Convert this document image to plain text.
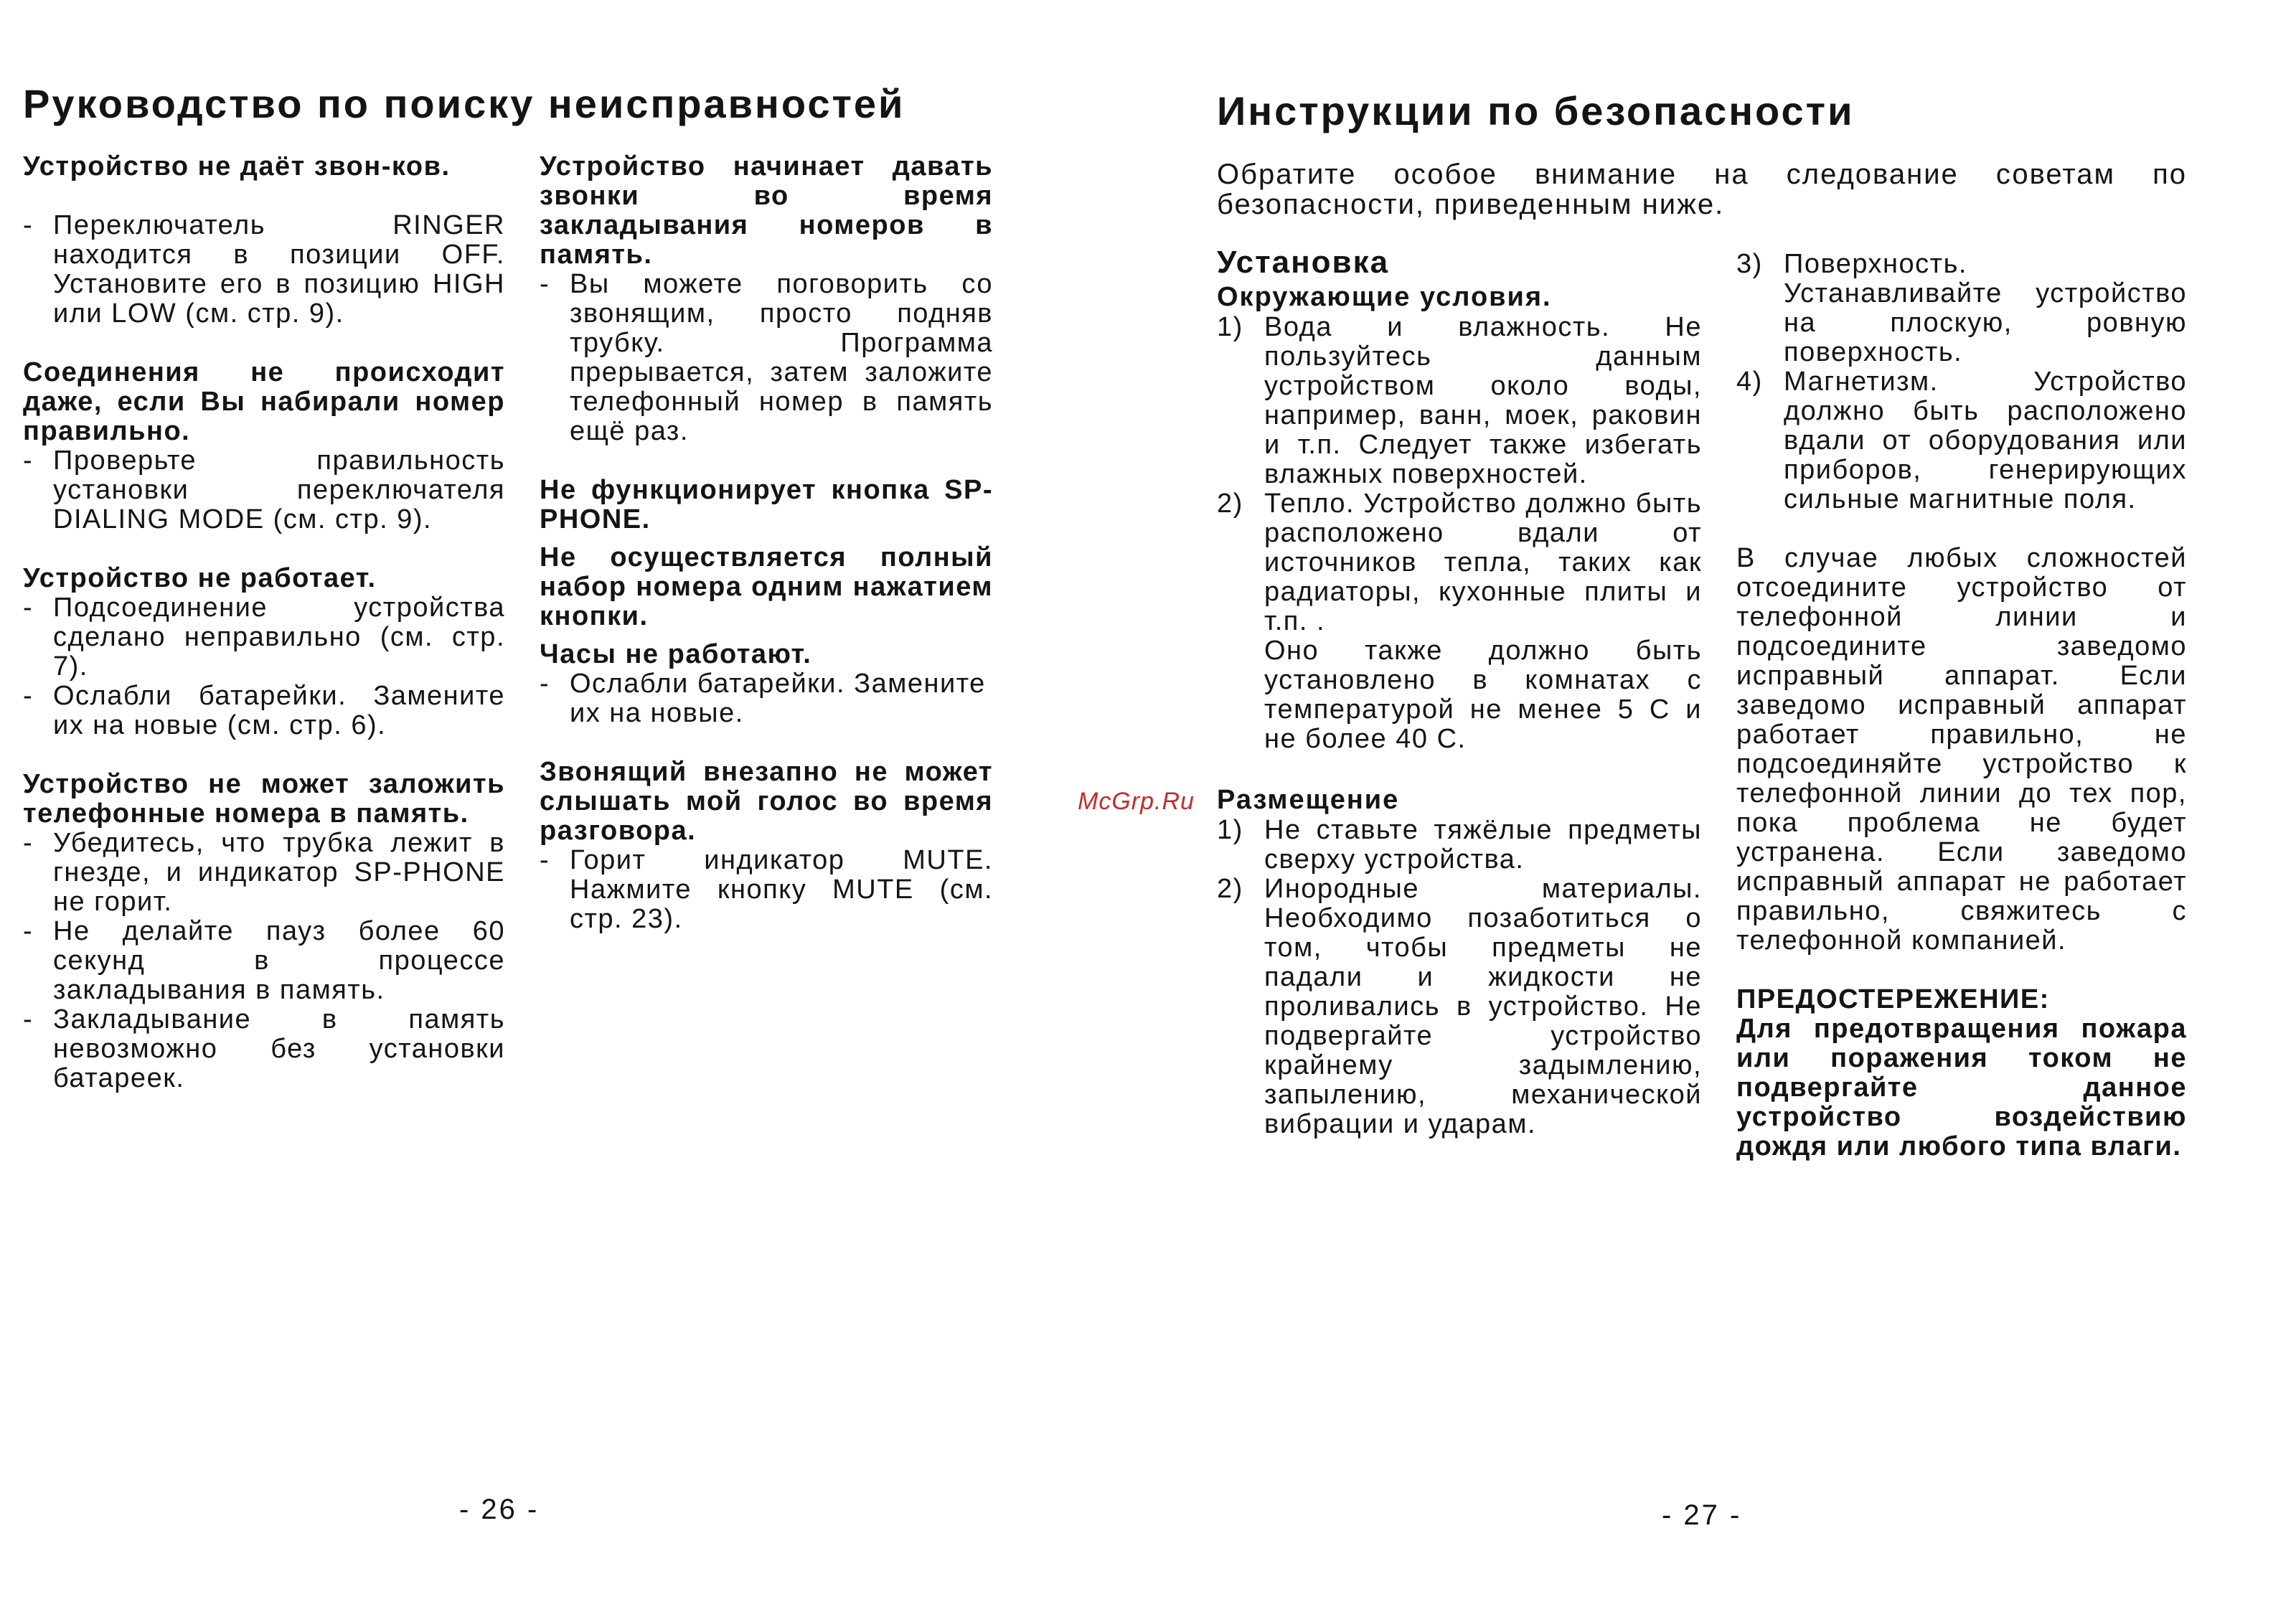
Руководство по поиску неисправностей

Устройство не даёт звон-ков.

- Переключатель RINGER находится в позиции OFF. Установите его в позицию HIGH или LOW (см. стр. 9).

Соединения не происходит даже, если Вы набирали номер правильно.

- Проверьте правильность установки переключателя DIALING MODE (см. стр. 9).

Устройство не работает.

- Подсоединение устройства сделано неправильно (см. стр. 7).
- Ослабли батарейки. Замените их на новые (см. стр. 6).

Устройство не может заложить телефонные номера в память.

- Убедитесь, что трубка лежит в гнезде, и индикатор SP-PHONE не горит.
- Не делайте пауз более 60 секунд в процессе закладывания в память.
- Закладывание в память невозможно без установки батареек.

Устройство начинает давать звонки во время закладывания номеров в память.

- Вы можете поговорить со звонящим, просто подняв трубку. Программа прерывается, затем заложите телефонный номер в память ещё раз.

Не функционирует кнопка SP-PHONE.

Не осуществляется полный набор номера одним нажатием кнопки.

Часы не работают.

- Ослабли батарейки. Замените их на новые.

Звонящий внезапно не может слышать мой голос во время разговора.

- Горит индикатор MUTE. Нажмите кнопку MUTE (см. стр. 23).
- 26 -
Инструкции по безопасности

Обратите особое внимание на следование советам по безопасности, приведенным ниже.

Установка

Окружающие условия.

1) Вода и влажность. Не пользуйтесь данным устройством около воды, например, ванн, моек, раковин и т.п. Следует также избегать влажных поверхностей.
2) Тепло. Устройство должно быть расположено вдали от источников тепла, таких как радиаторы, кухонные плиты и т.п. .
Оно также должно быть установлено в комнатах с температурой не менее 5 С и не более 40 С.

Размещение

1) Не ставьте тяжёлые предметы сверху устройства.
2) Инородные материалы. Необходимо позаботиться о том, чтобы предметы не падали и жидкости не проливались в устройство. Не подвергайте устройство крайнему задымлению, запылению, механической вибрации и ударам.
3) Поверхность. Устанавливайте устройство на плоскую, ровную поверхность.
4) Магнетизм. Устройство должно быть расположено вдали от оборудования или приборов, генерирующих сильные магнитные поля.

В случае любых сложностей отсоедините устройство от телефонной линии и подсоедините заведомо исправный аппарат. Если заведомо исправный аппарат работает правильно, не подсоединяйте устройство к телефонной линии до тех пор, пока проблема не будет устранена. Если заведомо исправный аппарат не работает правильно, свяжитесь с телефонной компанией.

ПРЕДОСТЕРЕЖЕНИЕ:

Для предотвращения пожара или поражения током не подвергайте данное устройство воздействию дождя или любого типа влаги.

- 27 -
McGrp.Ru
